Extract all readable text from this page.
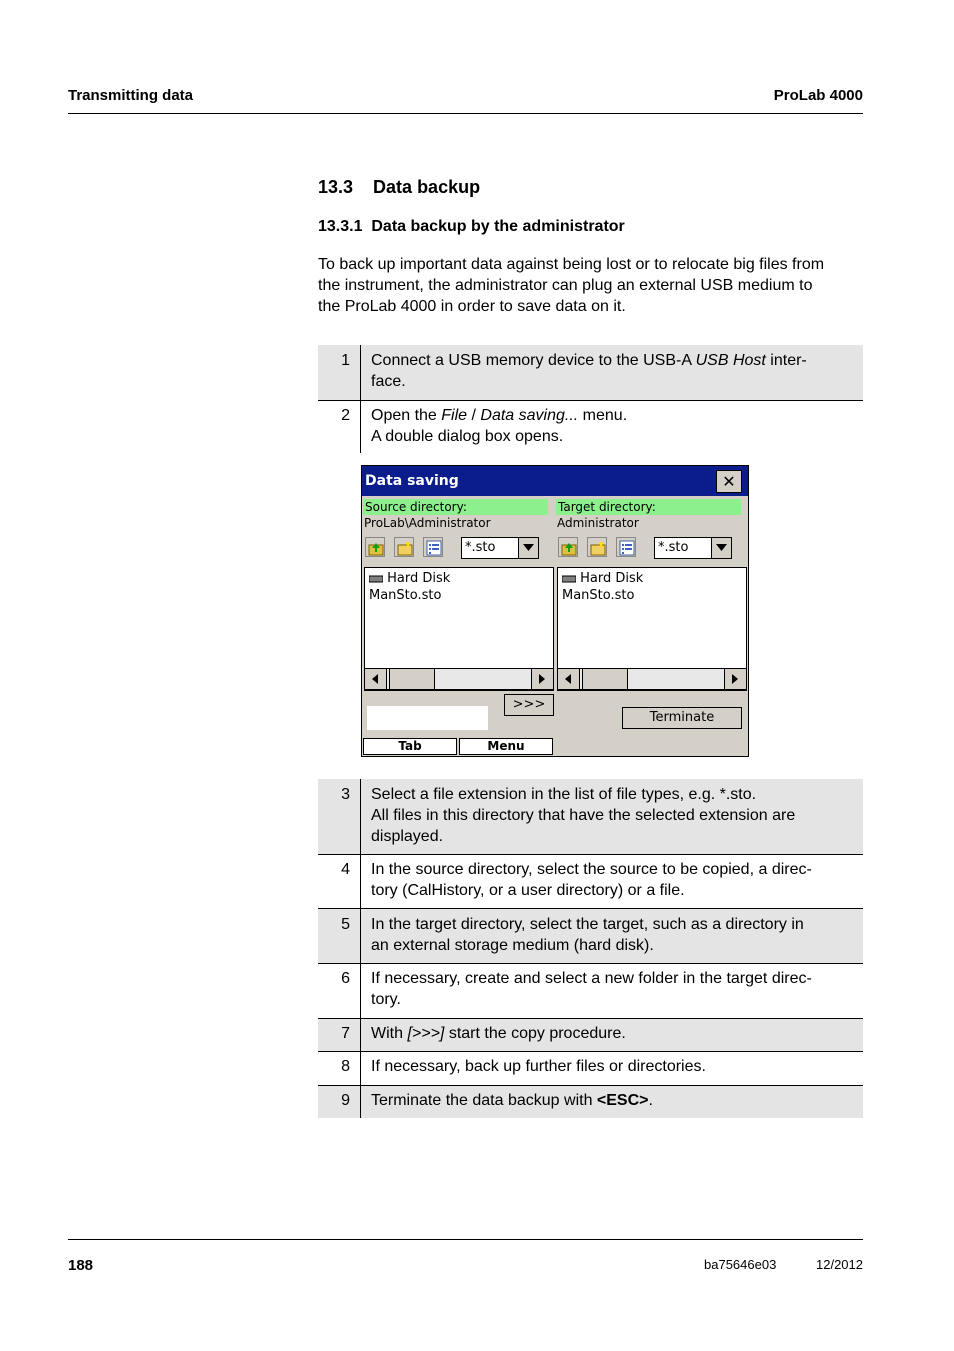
Transmitting data	ProLab 4000
13.3 Data backup
13.3.1 Data backup by the administrator
To back up important data against being lost or to relocate big files from
the instrument, the administrator can plug an external USB medium to
the ProLab 4000 in order to save data on it.
1 Connect a USB memory device to the USB-A USB Host inter-
face.
2 Open the File / Data saving... menu.
A double dialog box opens.
Data saving	✕
Source directory:
ProLab\Administrator
*.sto
Hard Disk
ManSto.sto
Target directory:
Administrator
*.sto
Hard Disk
ManSto.sto
>>>
Terminate
Tab	Menu
3 Select a file extension in the list of file types, e.g. *.sto.
All files in this directory that have the selected extension are
displayed.
4 In the source directory, select the source to be copied, a direc-
tory (CalHistory, or a user directory) or a file.
5 In the target directory, select the target, such as a directory in
an external storage medium (hard disk).
6 If necessary, create and select a new folder in the target direc-
tory.
7 With [>>>] start the copy procedure.
8 If necessary, back up further files or directories.
9 Terminate the data backup with <ESC>.
188	ba75646e03	12/2012
